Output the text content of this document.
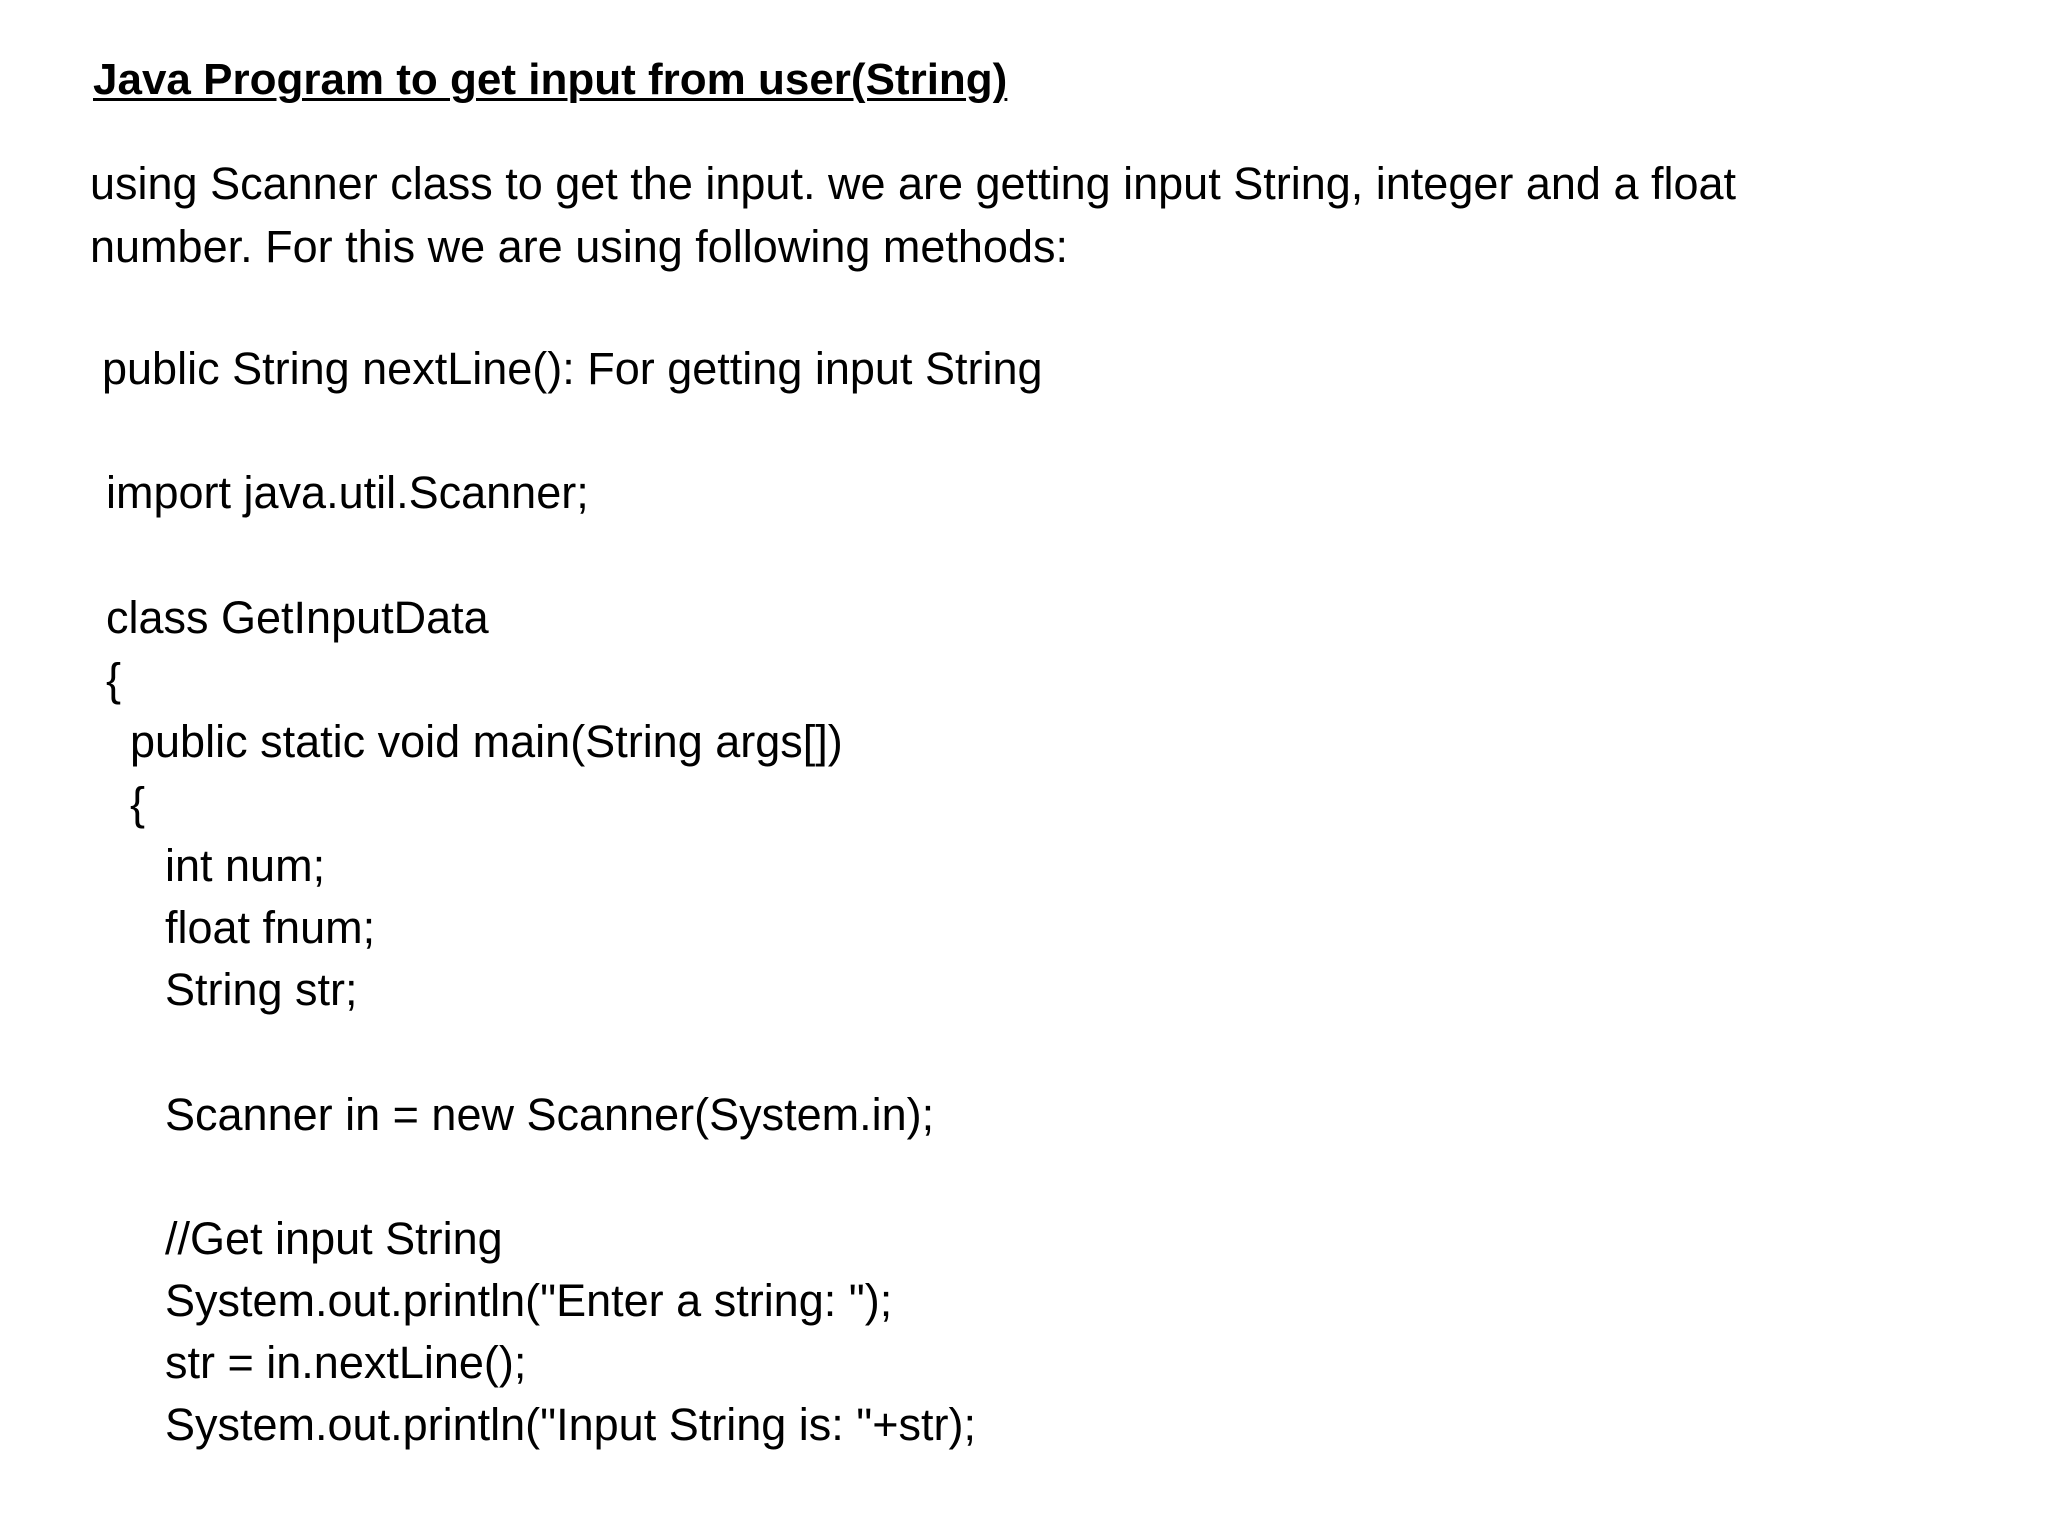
Java Program to get input from user(String)
using Scanner class to get the input. we are getting input String, integer and a float
number. For this we are using following methods:
public String nextLine(): For getting input String
import java.util.Scanner;
class GetInputData
{
public static void main(String args[])
{
int num;
float fnum;
String str;
Scanner in = new Scanner(System.in);
//Get input String
System.out.println("Enter a string: ");
str = in.nextLine();
System.out.println("Input String is: "+str);
